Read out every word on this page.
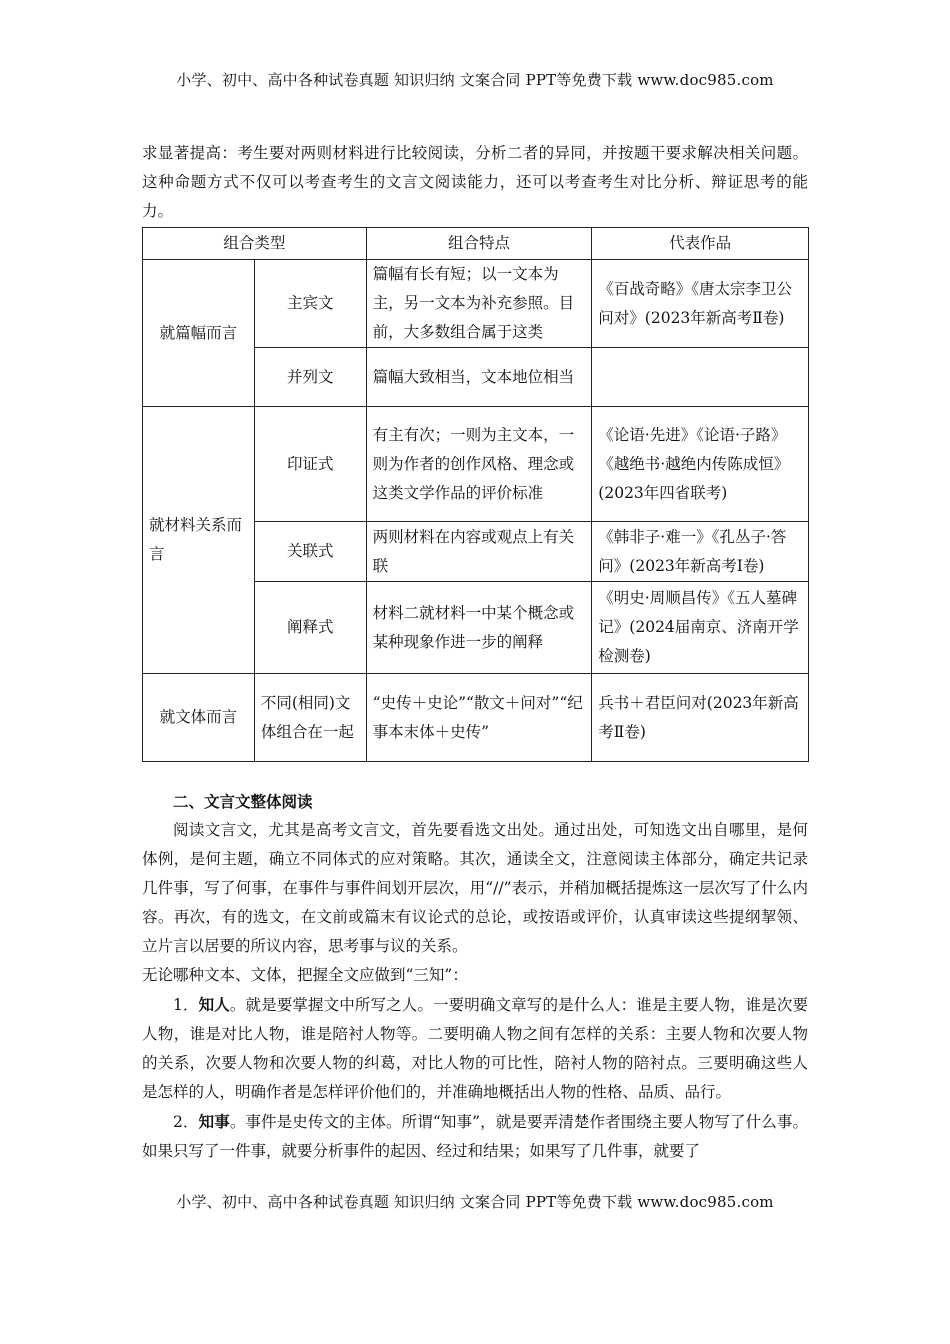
小学、初中、高中各种试卷真题 知识归纳 文案合同 PPT等免费下载 www.doc985.com

求显著提高：考生要对两则材料进行比较阅读，分析二者的异同，并按题干要求解决相关问题。这种命题方式不仅可以考查考生的文言文阅读能力，还可以考查考生对比分析、辩证思考的能力。

组合类型		组合特点	代表作品
就篇幅而言	主宾文	篇幅有长有短；以一文本为主，另一文本为补充参照。目前，大多数组合属于这类	《百战奇略》《唐太宗李卫公问对》(2023年新高考Ⅱ卷)
	并列文	篇幅大致相当，文本地位相当	
就材料关系而言	印证式	有主有次；一则为主文本，一则为作者的创作风格、理念或这类文学作品的评价标准	《论语·先进》《论语·子路》《越绝书·越绝内传陈成恒》(2023年四省联考)
	关联式	两则材料在内容或观点上有关联	《韩非子·难一》《孔丛子·答问》(2023年新高考Ⅰ卷)
	阐释式	材料二就材料一中某个概念或某种现象作进一步的阐释	《明史·周顺昌传》《五人墓碑记》(2024届南京、济南开学检测卷)
就文体而言	不同(相同)文体组合在一起	“史传＋史论”“散文＋问对”“纪事本末体＋史传”	兵书＋君臣问对(2023年新高考Ⅱ卷)

二、文言文整体阅读

阅读文言文，尤其是高考文言文，首先要看选文出处。通过出处，可知选文出自哪里，是何体例，是何主题，确立不同体式的应对策略。其次，通读全文，注意阅读主体部分，确定共记录几件事，写了何事，在事件与事件间划开层次，用“//”表示，并稍加概括提炼这一层次写了什么内容。再次，有的选文，在文前或篇末有议论式的总论，或按语或评价，认真审读这些提纲挈领、立片言以居要的所议内容，思考事与议的关系。

无论哪种文本、文体，把握全文应做到“三知”：

1．知人。就是要掌握文中所写之人。一要明确文章写的是什么人：谁是主要人物，谁是次要人物，谁是对比人物，谁是陪衬人物等。二要明确人物之间有怎样的关系：主要人物和次要人物的关系，次要人物和次要人物的纠葛，对比人物的可比性，陪衬人物的陪衬点。三要明确这些人是怎样的人，明确作者是怎样评价他们的，并准确地概括出人物的性格、品质、品行。

2．知事。事件是史传文的主体。所谓“知事”，就是要弄清楚作者围绕主要人物写了什么事。如果只写了一件事，就要分析事件的起因、经过和结果；如果写了几件事，就要了

小学、初中、高中各种试卷真题 知识归纳 文案合同 PPT等免费下载 www.doc985.com
